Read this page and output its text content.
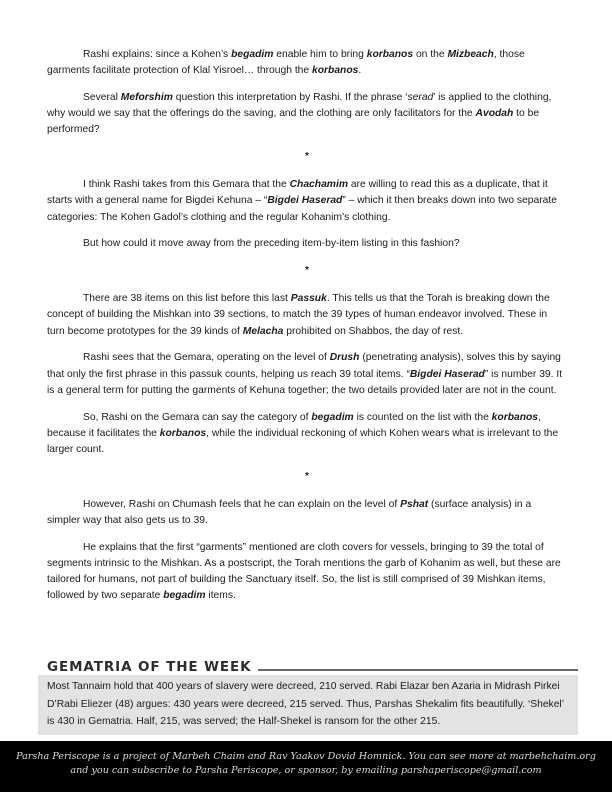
Rashi explains: since a Kohen’s begadim enable him to bring korbanos on the Mizbeach, those garments facilitate protection of Klal Yisroel… through the korbanos.

Several Meforshim question this interpretation by Rashi. If the phrase ‘serad’ is applied to the clothing, why would we say that the offerings do the saving, and the clothing are only facilitators for the Avodah to be performed?

*

I think Rashi takes from this Gemara that the Chachamim are willing to read this as a duplicate, that it starts with a general name for Bigdei Kehuna – “Bigdei Haserad” – which it then breaks down into two separate categories: The Kohen Gadol’s clothing and the regular Kohanim’s clothing.

But how could it move away from the preceding item-by-item listing in this fashion?

*

There are 38 items on this list before this last Passuk. This tells us that the Torah is breaking down the concept of building the Mishkan into 39 sections, to match the 39 types of human endeavor involved. These in turn become prototypes for the 39 kinds of Melacha prohibited on Shabbos, the day of rest.

Rashi sees that the Gemara, operating on the level of Drush (penetrating analysis), solves this by saying that only the first phrase in this passuk counts, helping us reach 39 total items. “Bigdei Haserad” is number 39. It is a general term for putting the garments of Kehuna together; the two details provided later are not in the count.

So, Rashi on the Gemara can say the category of begadim is counted on the list with the korbanos, because it facilitates the korbanos, while the individual reckoning of which Kohen wears what is irrelevant to the larger count.

*

However, Rashi on Chumash feels that he can explain on the level of Pshat (surface analysis) in a simpler way that also gets us to 39.

He explains that the first “garments” mentioned are cloth covers for vessels, bringing to 39 the total of segments intrinsic to the Mishkan. As a postscript, the Torah mentions the garb of Kohanim as well, but these are tailored for humans, not part of building the Sanctuary itself. So, the list is still comprised of 39 Mishkan items, followed by two separate begadim items.

GEMATRIA OF THE WEEK
Most Tannaim hold that 400 years of slavery were decreed, 210 served. Rabi Elazar ben Azaria in Midrash Pirkei D’Rabi Eliezer (48) argues: 430 years were decreed, 215 served. Thus, Parshas Shekalim fits beautifully. ‘Shekel’ is 430 in Gematria. Half, 215, was served; the Half-Shekel is ransom for the other 215.
Parsha Periscope is a project of Marbeh Chaim and Rav Yaakov Dovid Homnick. You can see more at marbehchaim.org
and you can subscribe to Parsha Periscope, or sponsor, by emailing parshaperiscope@gmail.com
